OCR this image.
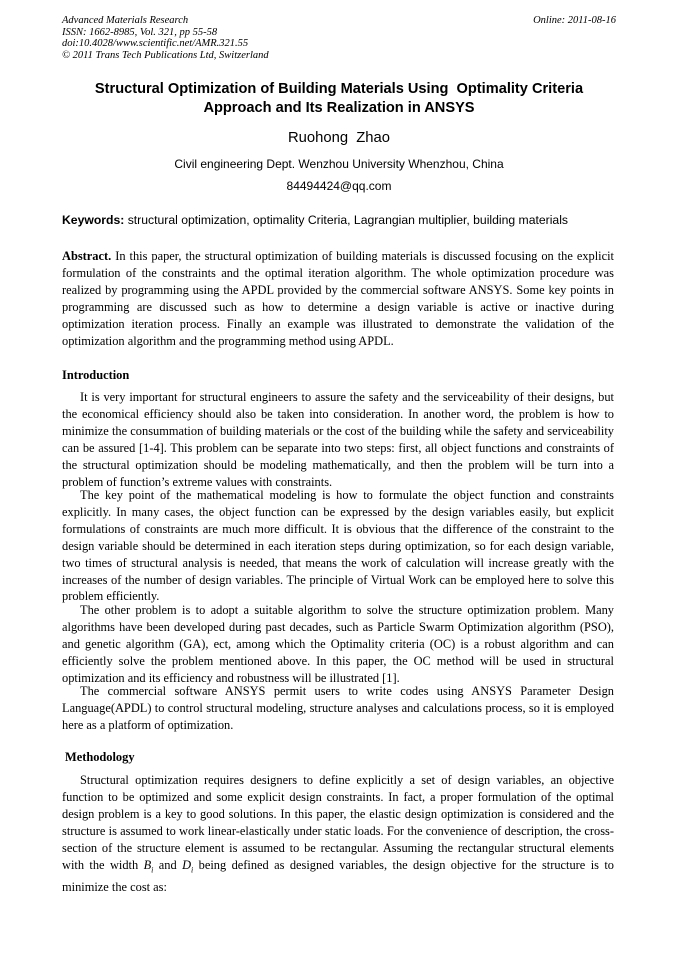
Advanced Materials Research
ISSN: 1662-8985, Vol. 321, pp 55-58
doi:10.4028/www.scientific.net/AMR.321.55
© 2011 Trans Tech Publications Ltd, Switzerland
Online: 2011-08-16
Structural Optimization of Building Materials Using  Optimality Criteria
Approach and Its Realization in ANSYS
Ruohong  Zhao
Civil engineering Dept. Wenzhou University Whenzhou, China
84494424@qq.com
Keywords: structural optimization, optimality Criteria, Lagrangian multiplier, building materials

Abstract. In this paper, the structural optimization of building materials is discussed focusing on the explicit formulation of the constraints and the optimal iteration algorithm. The whole optimization procedure was realized by programming using the APDL provided by the commercial software ANSYS. Some key points in programming are discussed such as how to determine a design variable is active or inactive during optimization iteration process. Finally an example was illustrated to demonstrate the validation of the optimization algorithm and the programming method using APDL.

Introduction

It is very important for structural engineers to assure the safety and the serviceability of their designs, but the economical efficiency should also be taken into consideration. In another word, the problem is how to minimize the consummation of building materials or the cost of the building while the safety and serviceability can be assured [1-4]. This problem can be separate into two steps: first, all object functions and constraints of the structural optimization should be modeling mathematically, and then the problem will be turn into a problem of function’s extreme values with constraints.

The key point of the mathematical modeling is how to formulate the object function and constraints explicitly. In many cases, the object function can be expressed by the design variables easily, but explicit formulations of constraints are much more difficult. It is obvious that the difference of the constraint to the design variable should be determined in each iteration steps during optimization, so for each design variable, two times of structural analysis is needed, that means the work of calculation will increase greatly with the increases of the number of design variables. The principle of Virtual Work can be employed here to solve this problem efficiently.

The other problem is to adopt a suitable algorithm to solve the structure optimization problem. Many algorithms have been developed during past decades, such as Particle Swarm Optimization algorithm (PSO), and genetic algorithm (GA), ect, among which the Optimality criteria (OC) is a robust algorithm and can efficiently solve the problem mentioned above. In this paper, the OC method will be used in structural optimization and its efficiency and robustness will be illustrated [1].

The commercial software ANSYS permit users to write codes using ANSYS Parameter Design Language(APDL) to control structural modeling, structure analyses and calculations process, so it is employed here as a platform of optimization.

Methodology

Structural optimization requires designers to define explicitly a set of design variables, an objective function to be optimized and some explicit design constraints. In fact, a proper formulation of the optimal design problem is a key to good solutions. In this paper, the elastic design optimization is considered and the structure is assumed to work linear-elastically under static loads. For the convenience of description, the cross-section of the structure element is assumed to be rectangular. Assuming the rectangular structural elements with the width $B_i$ and $D_i$ being defined as designed variables, the design objective for the structure is to minimize the cost as:
